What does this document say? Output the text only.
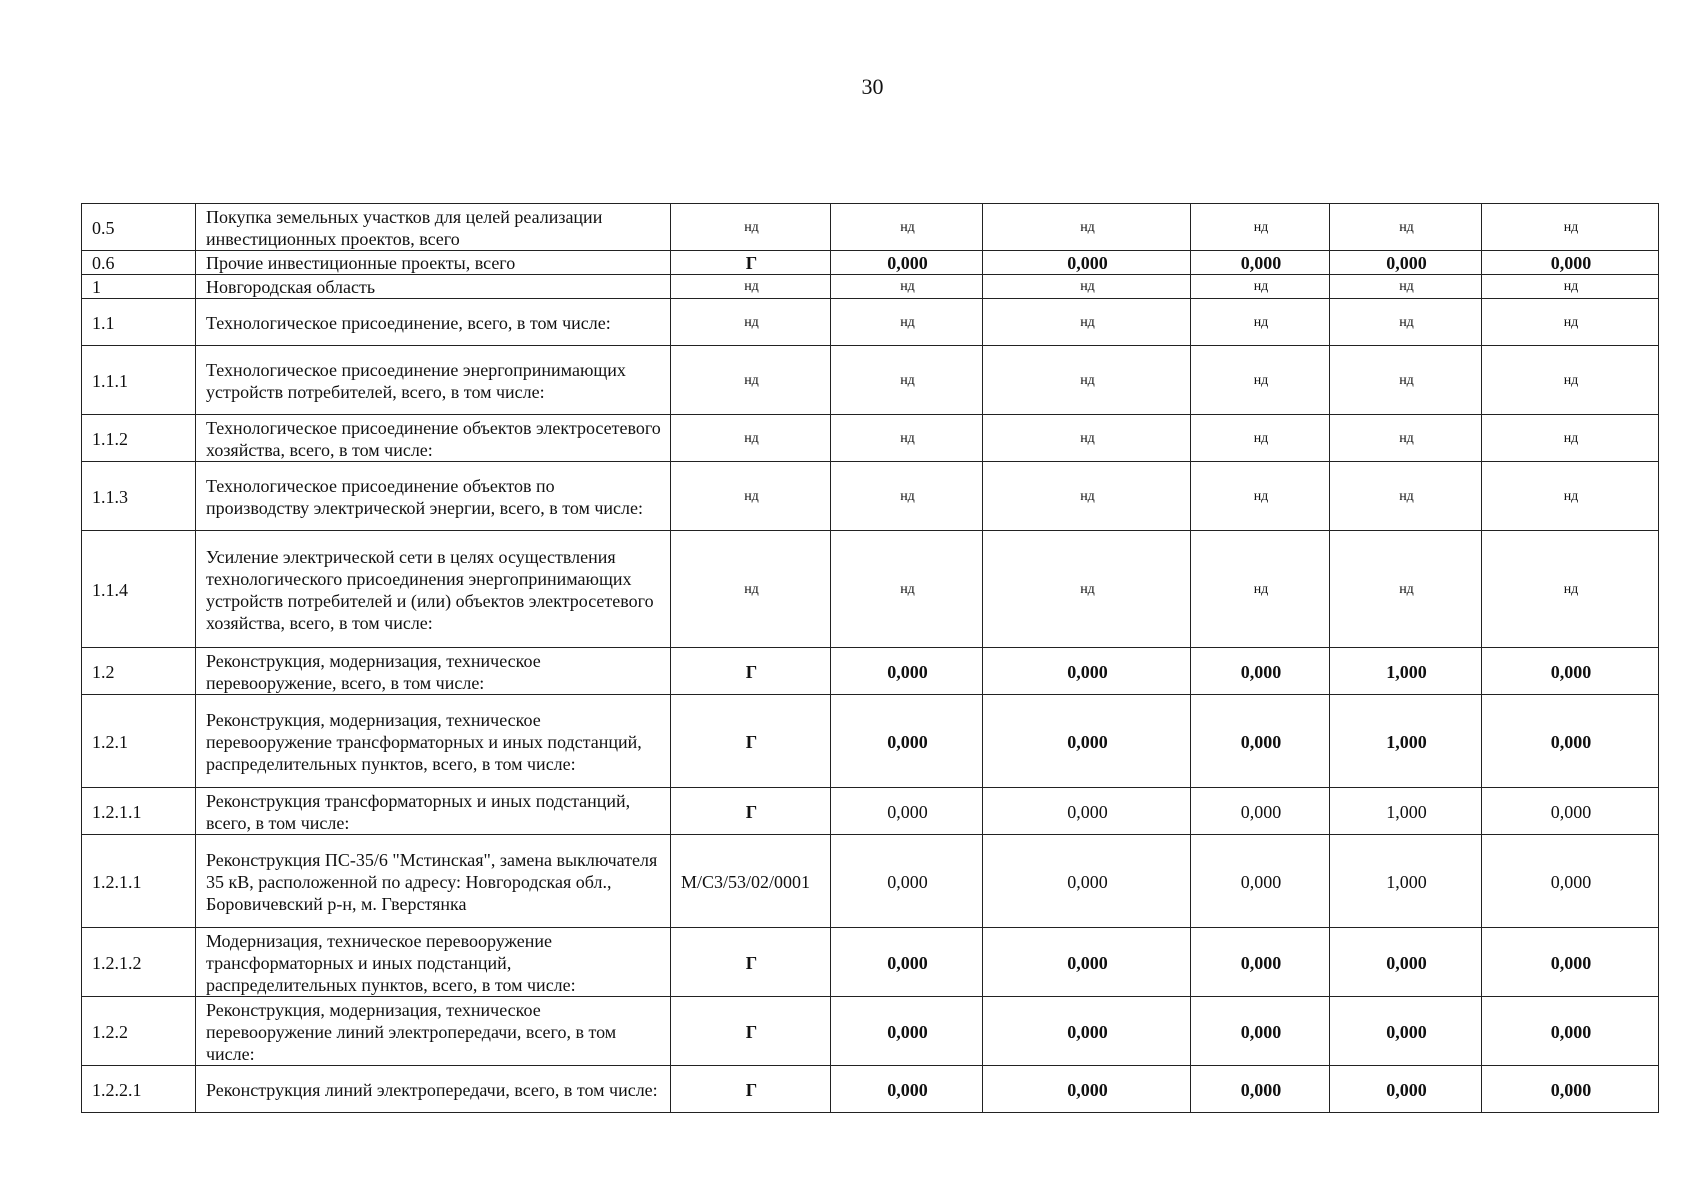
30
0.5	Покупка земельных участков для целей реализации инвестиционных проектов, всего	нд	нд	нд	нд	нд	нд
0.6	Прочие инвестиционные проекты, всего	Г	0,000	0,000	0,000	0,000	0,000
1	Новгородская область	нд	нд	нд	нд	нд	нд
1.1	Технологическое присоединение, всего, в том числе:	нд	нд	нд	нд	нд	нд
1.1.1	Технологическое присоединение энергопринимающих устройств потребителей, всего, в том числе:	нд	нд	нд	нд	нд	нд
1.1.2	Технологическое присоединение объектов электросетевого хозяйства, всего, в том числе:	нд	нд	нд	нд	нд	нд
1.1.3	Технологическое присоединение объектов по производству электрической энергии, всего, в том числе:	нд	нд	нд	нд	нд	нд
1.1.4	Усиление электрической сети в целях осуществления технологического присоединения энергопринимающих устройств потребителей и (или) объектов электросетевого хозяйства, всего, в том числе:	нд	нд	нд	нд	нд	нд
1.2	Реконструкция, модернизация, техническое перевооружение, всего, в том числе:	Г	0,000	0,000	0,000	1,000	0,000
1.2.1	Реконструкция, модернизация, техническое перевооружение трансформаторных и иных подстанций, распределительных пунктов, всего, в том числе:	Г	0,000	0,000	0,000	1,000	0,000
1.2.1.1	Реконструкция трансформаторных и иных подстанций, всего, в том числе:	Г	0,000	0,000	0,000	1,000	0,000
1.2.1.1	Реконструкция ПС-35/6 "Мстинская", замена выключателя 35 кВ, расположенной по адресу: Новгородская обл., Боровичевский р-н, м. Гверстянка	M/C3/53/02/0001	0,000	0,000	0,000	1,000	0,000
1.2.1.2	Модернизация, техническое перевооружение трансформаторных и иных подстанций, распределительных пунктов, всего, в том числе:	Г	0,000	0,000	0,000	0,000	0,000
1.2.2	Реконструкция, модернизация, техническое перевооружение линий электропередачи, всего, в том числе:	Г	0,000	0,000	0,000	0,000	0,000
1.2.2.1	Реконструкция линий электропередачи, всего, в том числе:	Г	0,000	0,000	0,000	0,000	0,000
